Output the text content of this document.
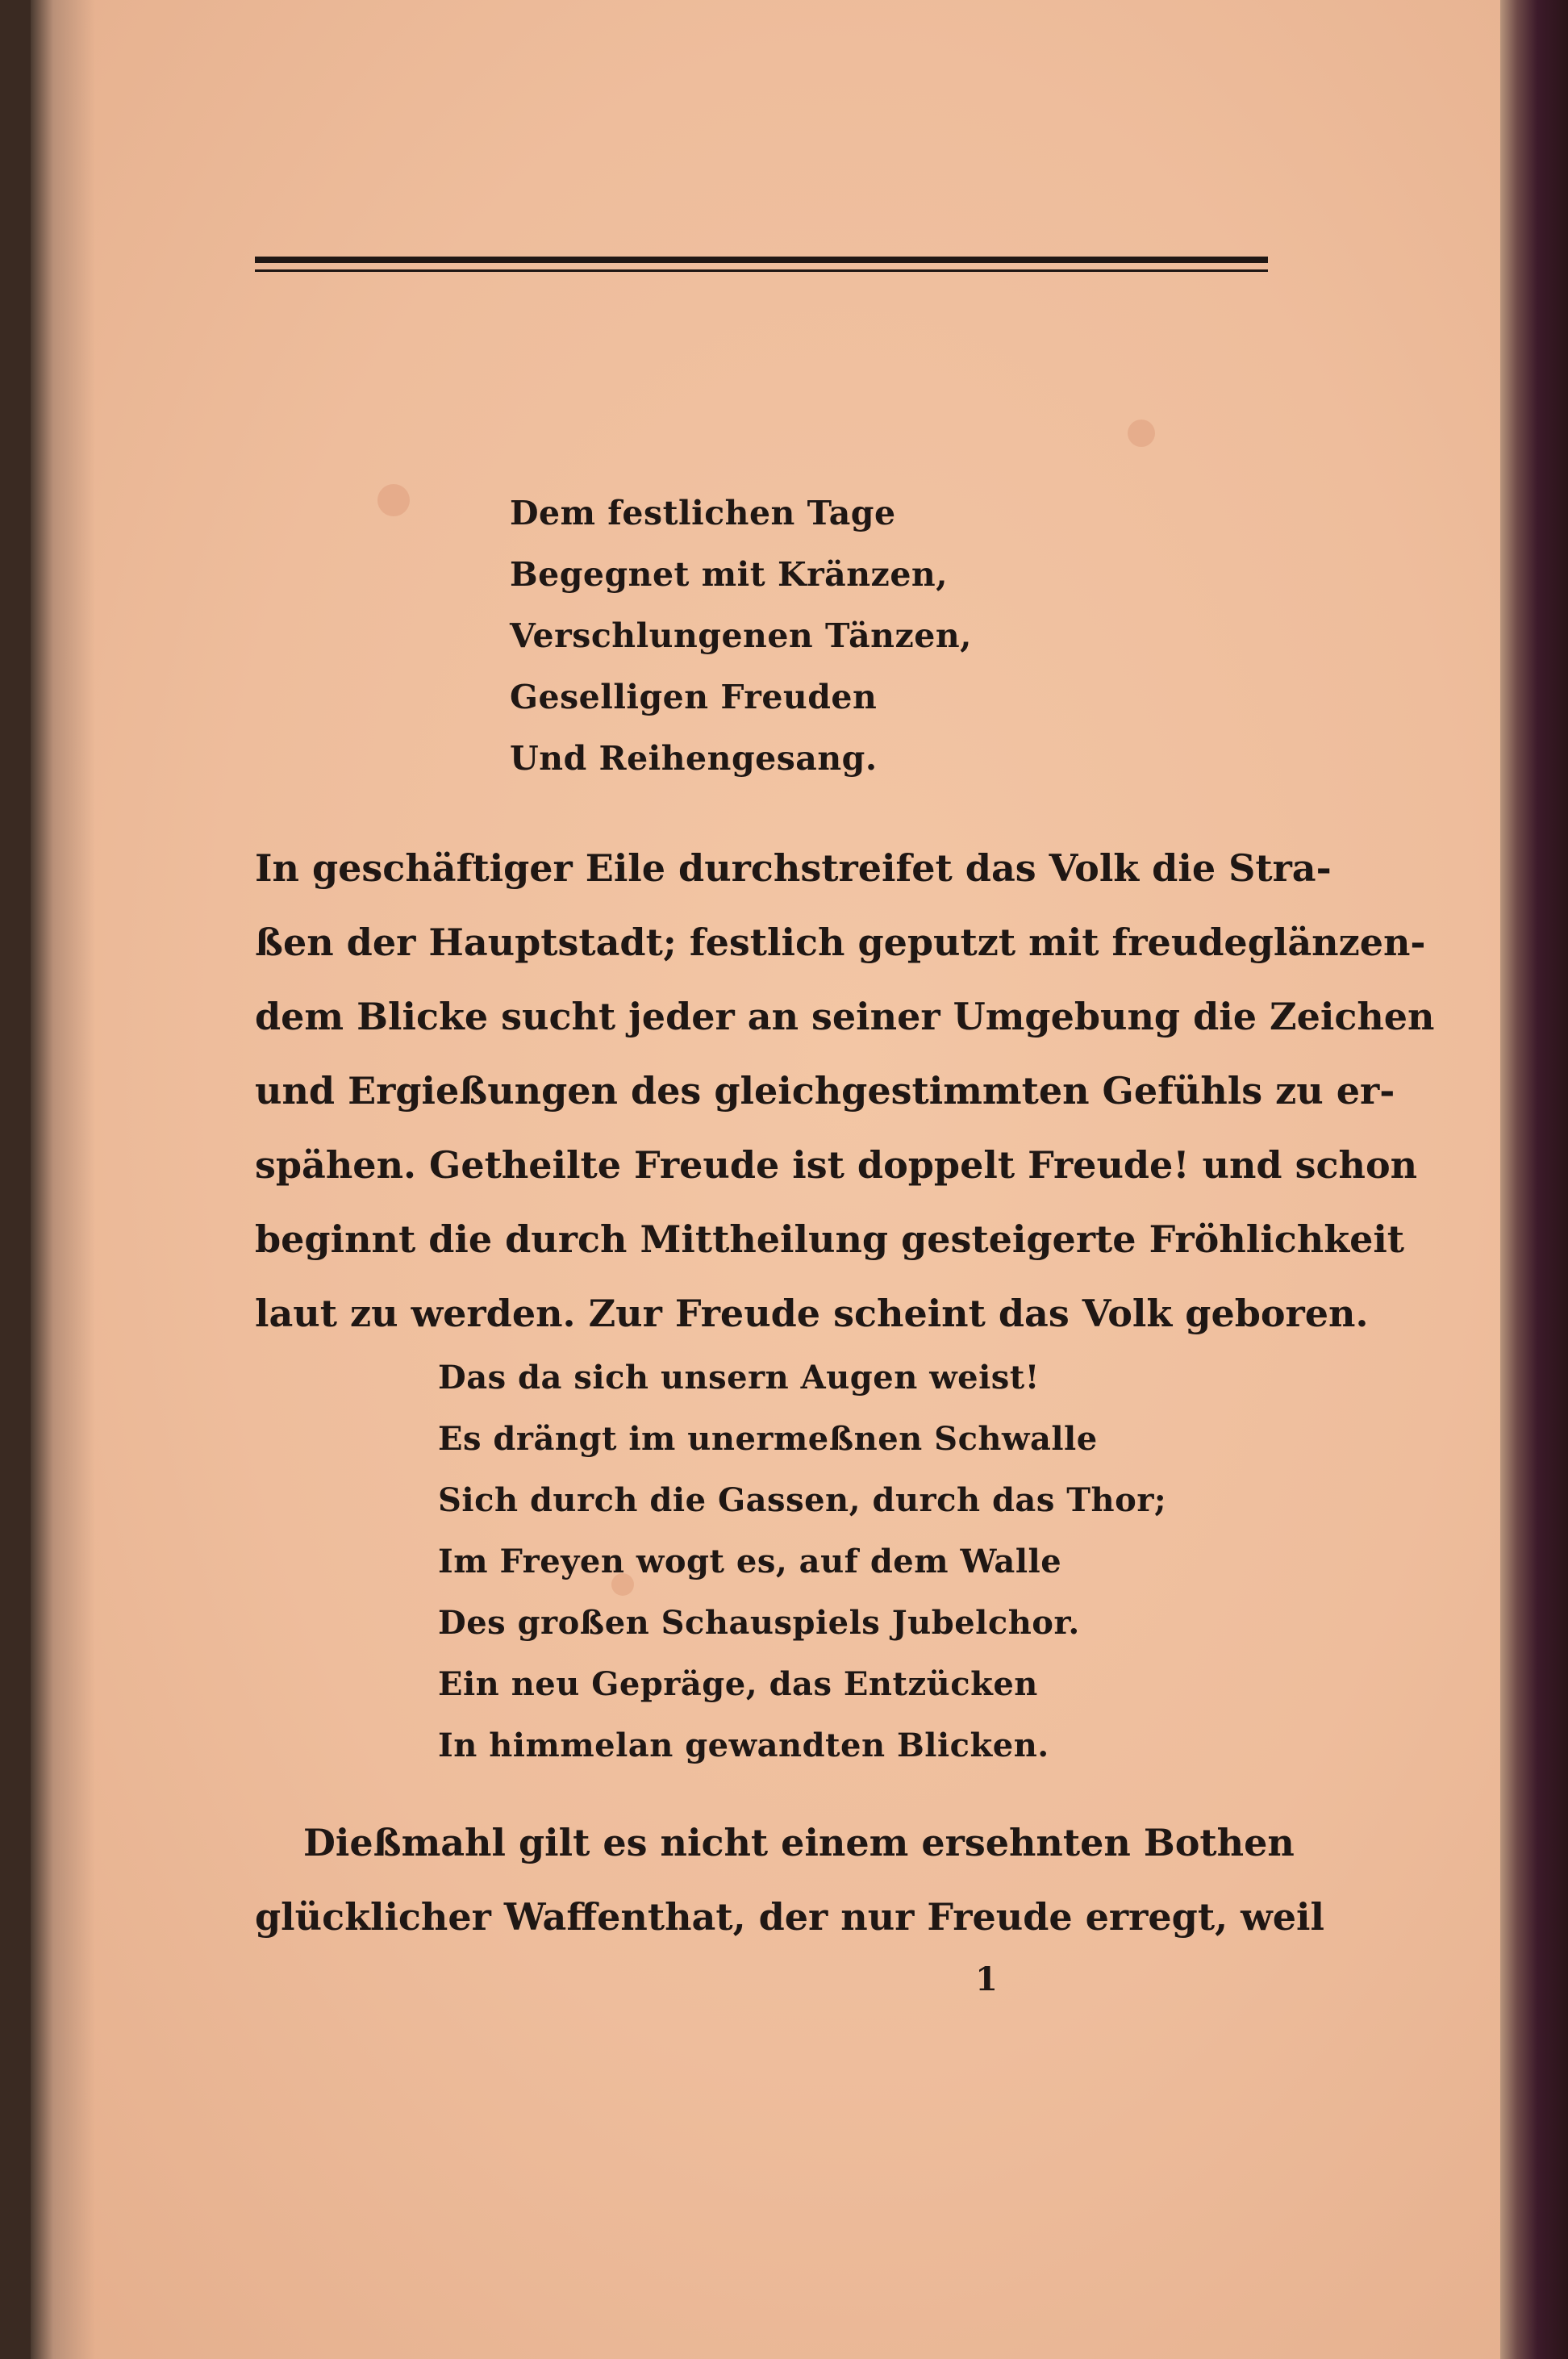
Dem festlichen Tage
Begegnet mit Kränzen,
Verschlungenen Tänzen,
Geselligen Freuden
Und Reihengesang.
In geschäftiger Eile durchstreifet das Volk die Stra-
ßen der Hauptstadt; festlich geputzt mit freudeglänzen-
dem Blicke sucht jeder an seiner Umgebung die Zeichen
und Ergießungen des gleichgestimmten Gefühls zu er-
spähen. Getheilte Freude ist doppelt Freude! und schon
beginnt die durch Mittheilung gesteigerte Fröhlichkeit
laut zu werden. Zur Freude scheint das Volk geboren.
Das da sich unsern Augen weist!
Es drängt im unermeßnen Schwalle
Sich durch die Gassen, durch das Thor;
Im Freyen wogt es, auf dem Walle
Des großen Schauspiels Jubelchor.
Ein neu Gepräge, das Entzücken
In himmelan gewandten Blicken.
Dießmahl gilt es nicht einem ersehnten Bothen
glücklicher Waffenthat, der nur Freude erregt, weil
1
